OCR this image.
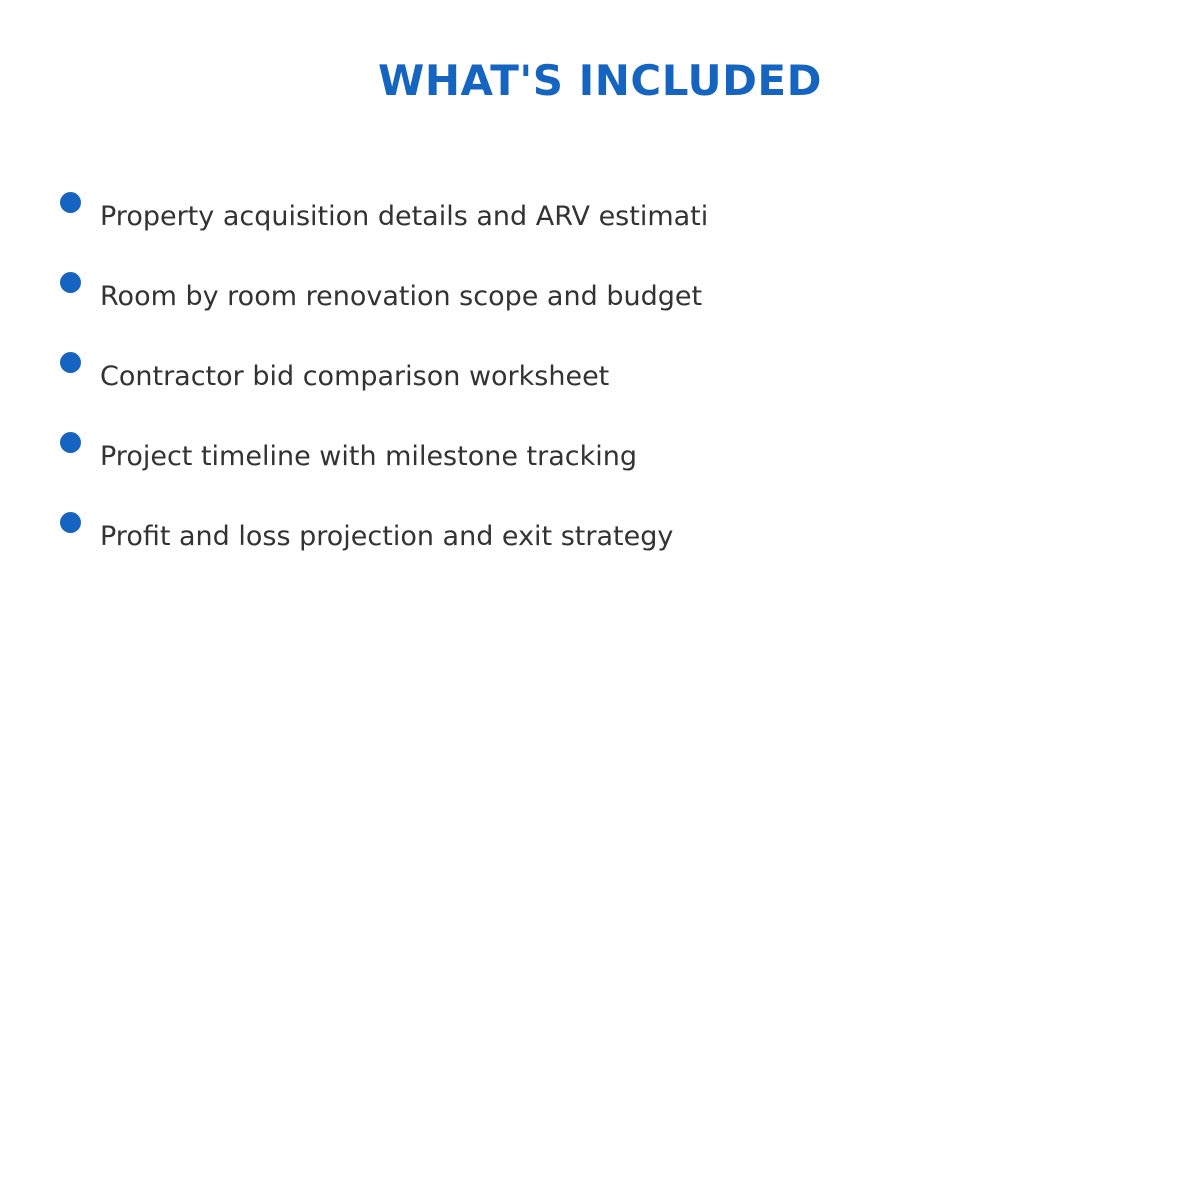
WHAT'S INCLUDED
Property acquisition details and ARV estimati
Room by room renovation scope and budget
Contractor bid comparison worksheet
Project timeline with milestone tracking
Profit and loss projection and exit strategy
